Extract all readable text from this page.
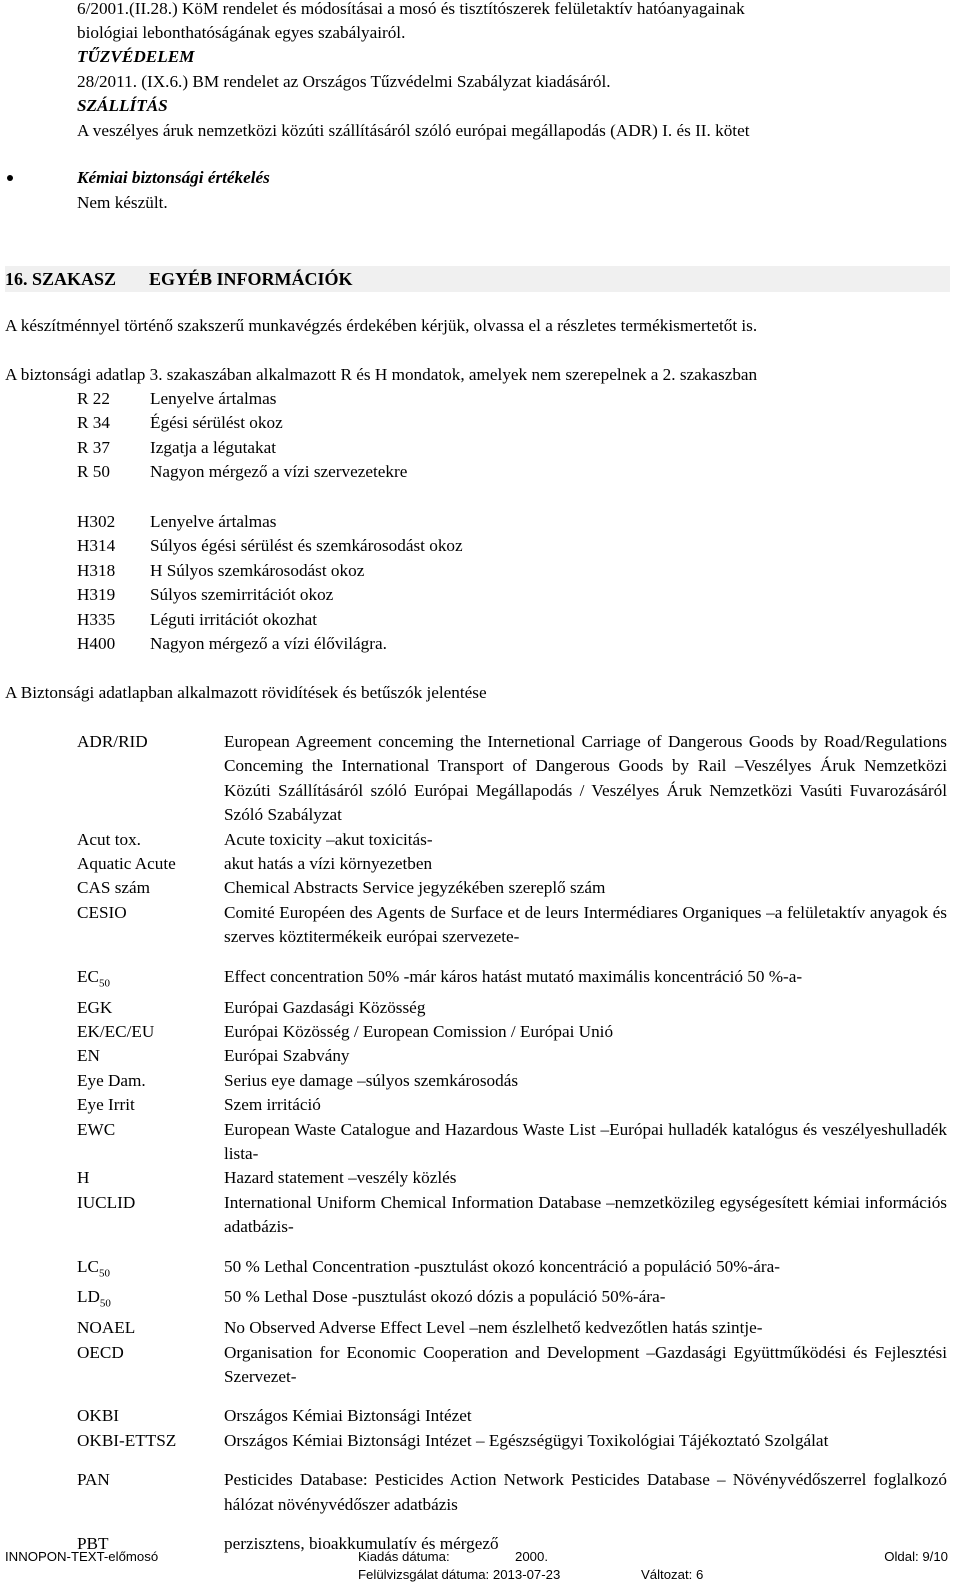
6/2001.(II.28.) KöM rendelet és módosításai a mosó és tisztítószerek felületaktív hatóanyagainak
biológiai lebonthatóságának egyes szabályairól.
TŰZVÉDELEM
28/2011. (IX.6.) BM rendelet az Országos Tűzvédelmi Szabályzat kiadásáról.
SZÁLLÍTÁS
A veszélyes áruk nemzetközi közúti szállításáról szóló európai megállapodás (ADR) I. és II. kötet
Kémiai biztonsági értékelés
Nem készült.
16. SZAKASZ EGYÉB INFORMÁCIÓK
A készítménnyel történő szakszerű munkavégzés érdekében kérjük, olvassa el a részletes termékismertetőt is.
A biztonsági adatlap 3. szakaszában alkalmazott R és H mondatok, amelyek nem szerepelnek a 2. szakaszban
R 22	Lenyelve ártalmas
R 34	Égési sérülést okoz
R 37	Izgatja a légutakat
R 50	Nagyon mérgező a vízi szervezetekre
H302	Lenyelve ártalmas
H314	Súlyos égési sérülést és szemkárosodást okoz
H318	H Súlyos szemkárosodást okoz
H319	Súlyos szemirritációt okoz
H335	Léguti irritációt okozhat
H400	Nagyon mérgező a vízi élővilágra.
A Biztonsági adatlapban alkalmazott rövidítések és betűszók jelentése
ADR/RID	European Agreement conceming the Internetional Carriage of Dangerous Goods by Road/Regulations Conceming the International Transport of Dangerous Goods by Rail –Veszélyes Áruk Nemzetközi Közúti Szállításáról szóló Európai Megállapodás / Veszélyes Áruk Nemzetközi Vasúti Fuvarozásáról Szóló Szabályzat
Acut tox.	Acute toxicity –akut toxicitás-
Aquatic Acute	akut hatás a vízi környezetben
CAS szám	Chemical Abstracts Service jegyzékében szereplő szám
CESIO	Comité Européen des Agents de Surface et de leurs Intermédiares Organiques –a felületaktív anyagok és szerves köztitermékeik európai szervezete-
$EC_{50}$	Effect concentration 50% -már káros hatást mutató maximális koncentráció 50 %-a-
EGK	Európai Gazdasági Közösség
EK/EC/EU	Európai Közösség / European Comission / Európai Unió
EN	Európai Szabvány
Eye Dam.	Serius eye damage –súlyos szemkárosodás
Eye Irrit	Szem irritáció
EWC	European Waste Catalogue and Hazardous Waste List –Európai hulladék katalógus és veszélyeshulladék lista-
H	Hazard statement –veszély közlés
IUCLID	International Uniform Chemical Information Database –nemzetközileg egységesített kémiai információs adatbázis-
$LC_{50}$	50 % Lethal Concentration -pusztulást okozó koncentráció a populáció 50%-ára-
$LD_{50}$	50 % Lethal Dose -pusztulást okozó dózis a populáció 50%-ára-
NOAEL	No Observed Adverse Effect Level –nem észlelhető kedvezőtlen hatás szintje-
OECD	Organisation for Economic Cooperation and Development –Gazdasági Együttműködési és Fejlesztési Szervezet-
OKBI	Országos Kémiai Biztonsági Intézet
OKBI-ETTSZ	Országos Kémiai Biztonsági Intézet – Egészségügyi Toxikológiai Tájékoztató Szolgálat
PAN	Pesticides Database: Pesticides Action Network Pesticides Database – Növényvédőszerrel foglalkozó hálózat növényvédőszer adatbázis
PBT	perzisztens, bioakkumulatív és mérgező
INNOPON-TEXT-előmosó	Kiadás dátuma:	2000.	Oldal: 9/10
Felülvizsgálat dátuma: 2013-07-23	Változat: 6
